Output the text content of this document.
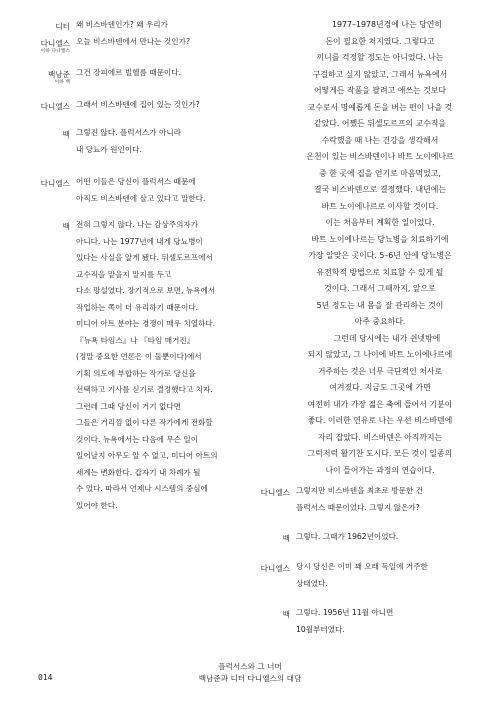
디터 왜 비스바덴인가? 왜 우리가
다니엘스
이하 다니엘스
오늘 비스바덴에서 만나는 것인가?
백남준
이하 백
그건 장피에르 빌헬름 때문이다.
다니엘스 그래서 비스바덴에 집이 있는 것인가?
백 그렇진 않다. 플럭서스가 아니라
내 당뇨가 원인이다.
다니엘스 어떤 이들은 당신이 플럭서스 때문에
아직도 비스바덴에 살고 있다고 말한다.
백 전혀 그렇지 않다. 나는 감상주의자가
아니다. 나는 1977년에 내게 당뇨병이
있다는 사실을 알게 됐다. 뒤셀도르프에서
교수직을 맡을지 말지를 두고
다소 망설였다. 장기적으로 보면, 뉴욕에서
작업하는 쪽이 더 유리하기 때문이다.
미디어 아트 분야는 경쟁이 매우 치열하다.
『뉴욕 타임스』나 『타임 매거진』
(정말 중요한 언론은 이 둘뿐이다)에서
기획 의도에 부합하는 작가로 당신을
선택하고 기사를 싣기로 결정했다고 치자.
그런데 그때 당신이 거기 없다면
그들은 거리낌 없이 다른 작가에게 전화할
것이다. 뉴욕에서는 다음에 무슨 일이
일어날지 아무도 알 수 없고, 미디어 아트의
세계는 변화한다. 갑자기 내 차례가 될
수 있다. 따라서 언제나 시스템의 중심에
있어야 한다.
1977–1978년경에 나는 당연히
돈이 필요한 처지였다. 그렇다고
끼니를 걱정할 정도는 아니었다. 나는
구걸하고 싶지 않았고, 그래서 뉴욕에서
어떻게든 작품을 팔려고 애쓰는 것보다
교수로서 명예롭게 돈을 버는 편이 나을 것
같았다. 어쨌든 뒤셀도르프의 교수직을
수락했을 때 나는 건강을 생각해서
온천이 있는 비스바덴이나 바트 노이에나르
중 한 곳에 집을 얻기로 마음먹었고,
결국 비스바덴으로 결정했다. 내년에는
바트 노이에나르로 이사할 것이다.
이는 처음부터 계획한 일이었다.
바트 노이에나르는 당뇨병을 치료하기에
가장 알맞은 곳이다. 5–6년 안에 당뇨병은
유전학적 방법으로 치료할 수 있게 될
것이다. 그래서 그때까지, 앞으로
5년 정도는 내 몸을 잘 관리하는 것이
아주 중요하다.
그런데 당시에는 내가 쉰넷밖에
되지 않았고, 그 나이에 바트 노이에나르에
거주하는 것은 너무 극단적인 처사로
여겨졌다. 지금도 그곳에 가면
여전히 내가 가장 젊은 축에 들어서 기분이
좋다. 이러한 연유로 나는 우선 비스바덴에
자리 잡았다. 비스바덴은 아직까지는
그럭저럭 활기찬 도시다. 모든 것이 일종의
나이 들어가는 과정의 연습이다.
다니엘스 그렇지만 비스바덴을 최초로 방문한 건
플럭서스 때문이었다. 그렇지 않은가?
백 그렇다. 그때가 1962년이었다.
다니엘스 당시 당신은 이미 꽤 오래 독일에 거주한
상태였다.
백 그렇다. 1956년 11월 아니면
10월부터였다.
014
플럭서스와 그 너머
백남준과 디터 다니엘스의 대담
